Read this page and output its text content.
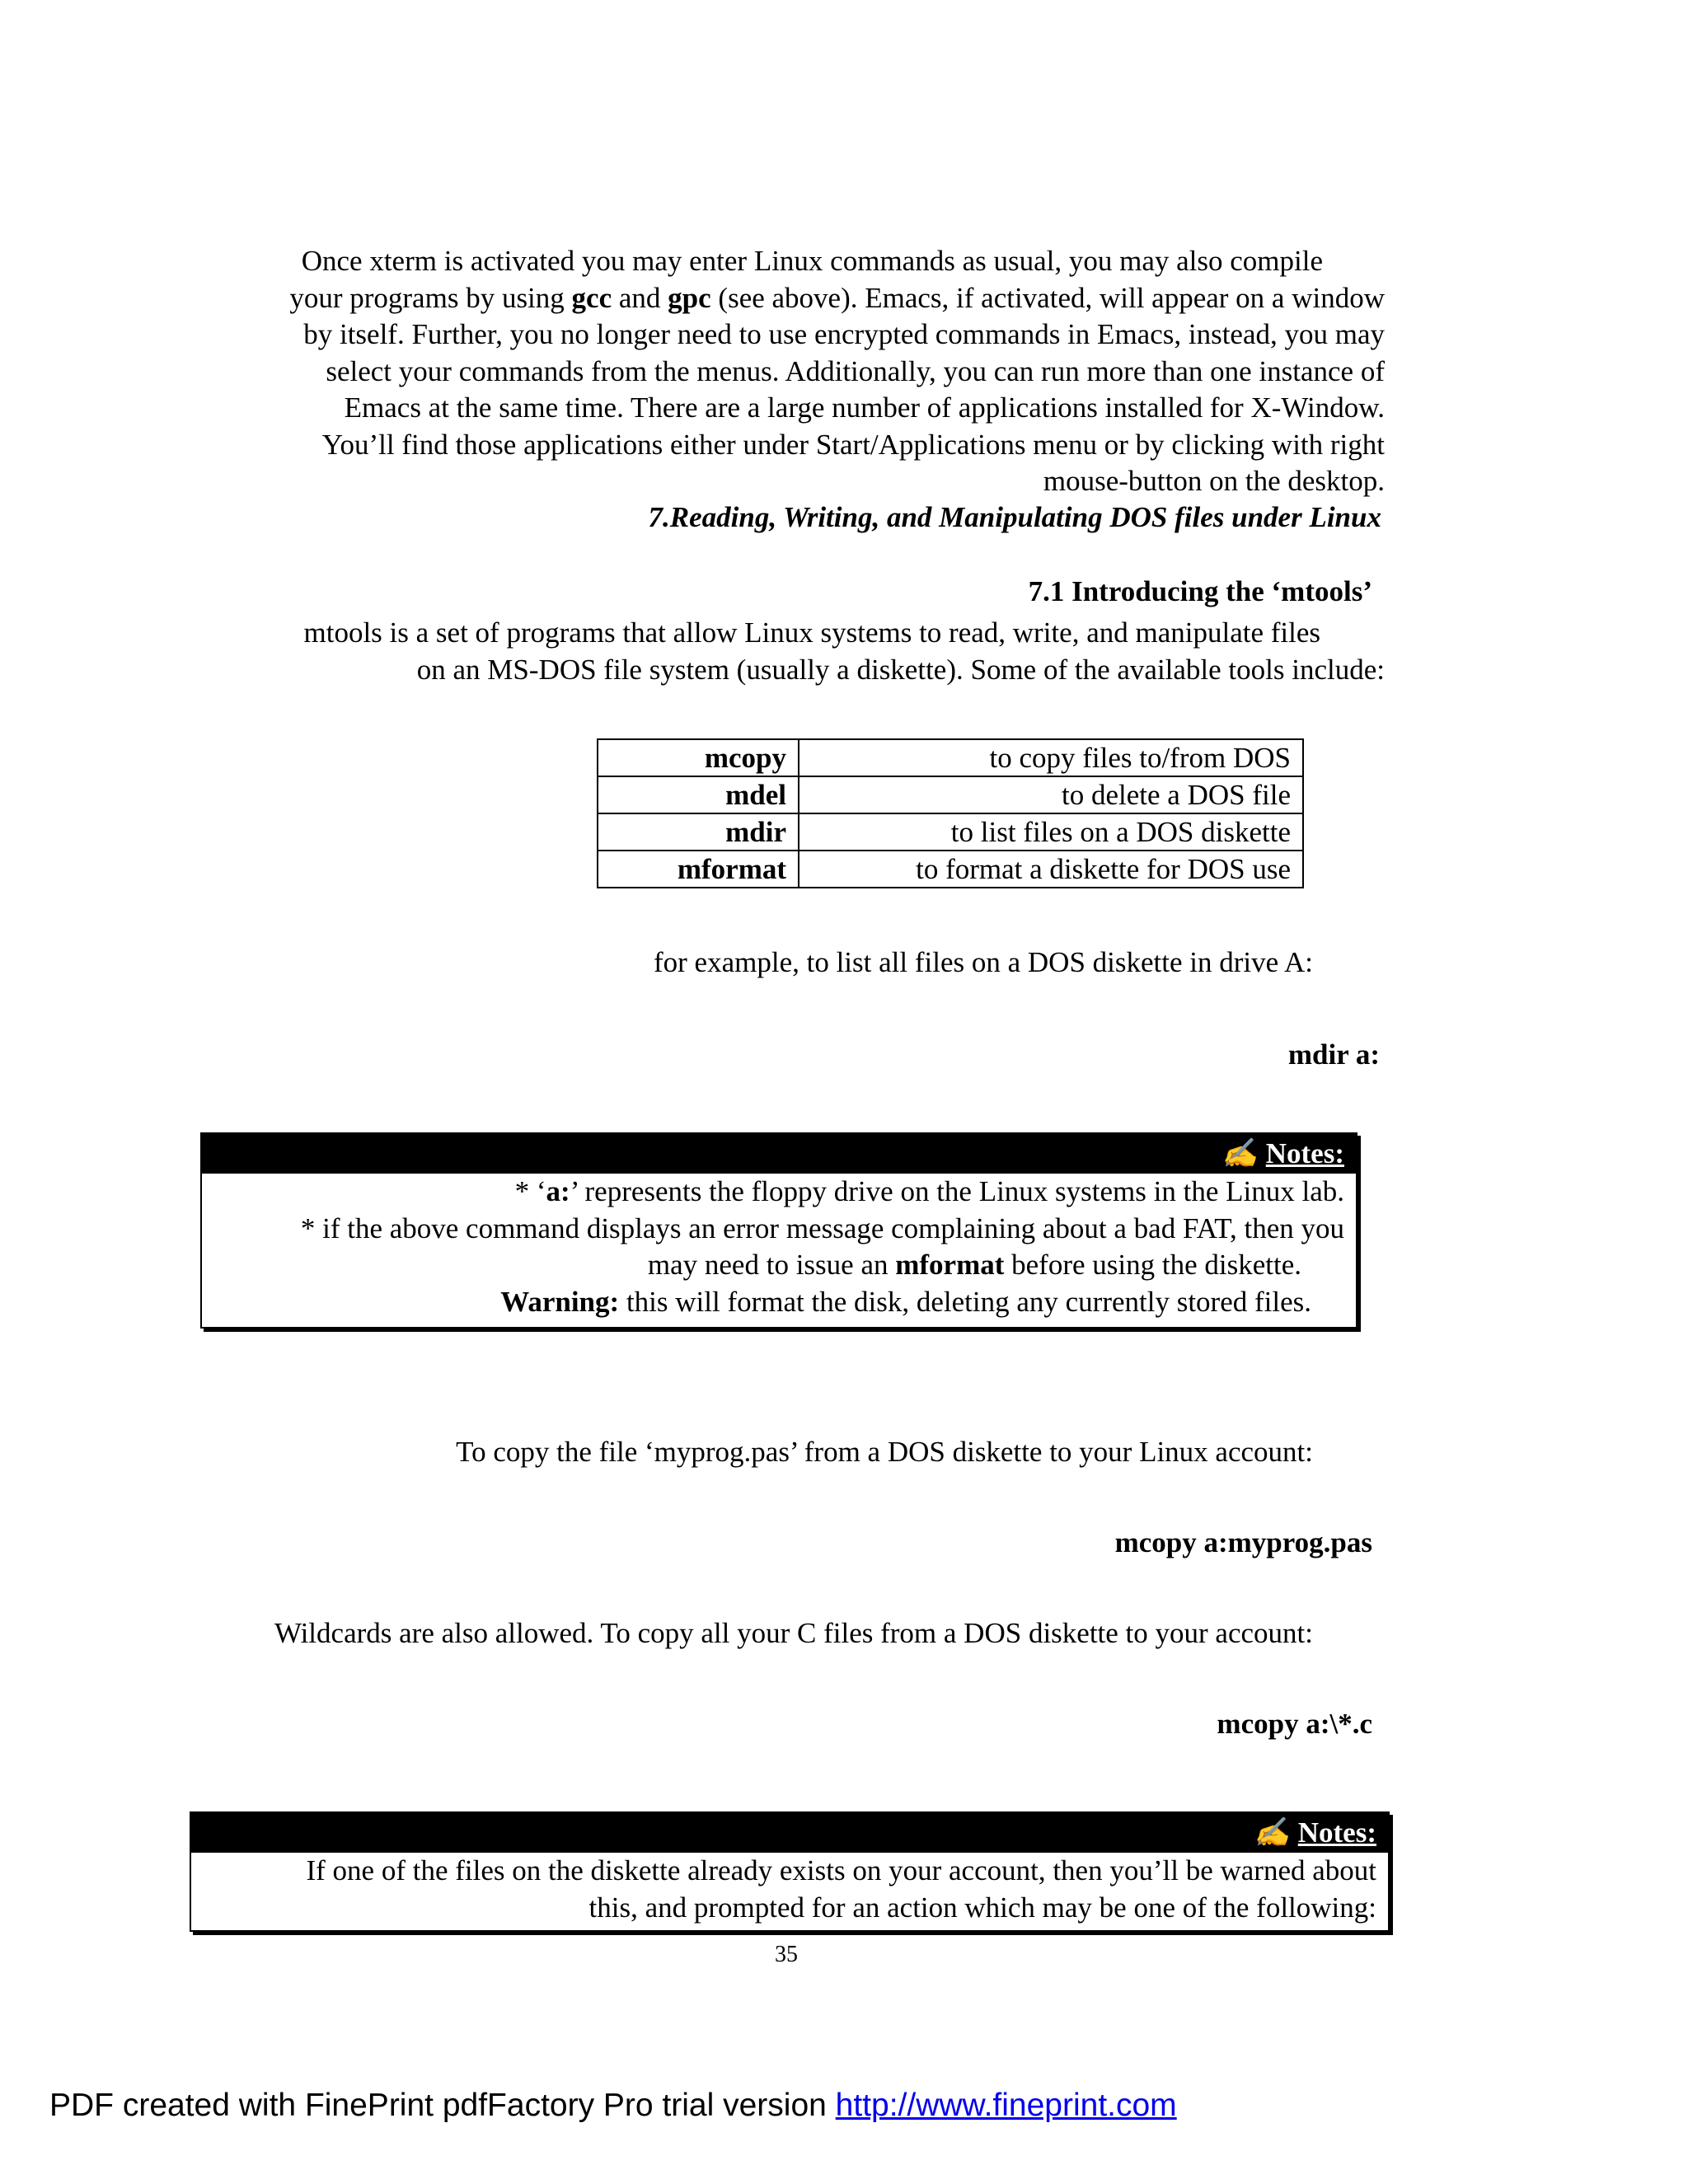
Once xterm is activated you may enter Linux commands as usual, you may also compile
your programs by using gcc and gpc (see above). Emacs, if activated, will appear on a window
by itself. Further, you no longer need to use encrypted commands in Emacs, instead, you may
select your commands from the menus. Additionally, you can run more than one instance of
Emacs at the same time. There are a large number of applications installed for X-Window.
You’ll find those applications either under Start/Applications menu or by clicking with right
mouse-button on the desktop.
7.Reading, Writing, and Manipulating DOS files under Linux
7.1 Introducing the ‘mtools’
mtools is a set of programs that allow Linux systems to read, write, and manipulate files
on an MS-DOS file system (usually a diskette). Some of the available tools include:
mcopy	to copy files to/from DOS
mdel	to delete a DOS file
mdir	to list files on a DOS diskette
mformat	to format a diskette for DOS use
for example, to list all files on a DOS diskette in drive A:
mdir a:
✍ Notes:
* ‘a:’ represents the floppy drive on the Linux systems in the Linux lab.
* if the above command displays an error message complaining about a bad FAT, then you
may need to issue an mformat before using the diskette.
Warning: this will format the disk, deleting any currently stored files.
To copy the file ‘myprog.pas’ from a DOS diskette to your Linux account:
mcopy a:myprog.pas
Wildcards are also allowed. To copy all your C files from a DOS diskette to your account:
mcopy a:\*.c
✍ Notes:
If one of the files on the diskette already exists on your account, then you’ll be warned about
this, and prompted for an action which may be one of the following:
35
PDF created with FinePrint pdfFactory Pro trial version http://www.fineprint.com
